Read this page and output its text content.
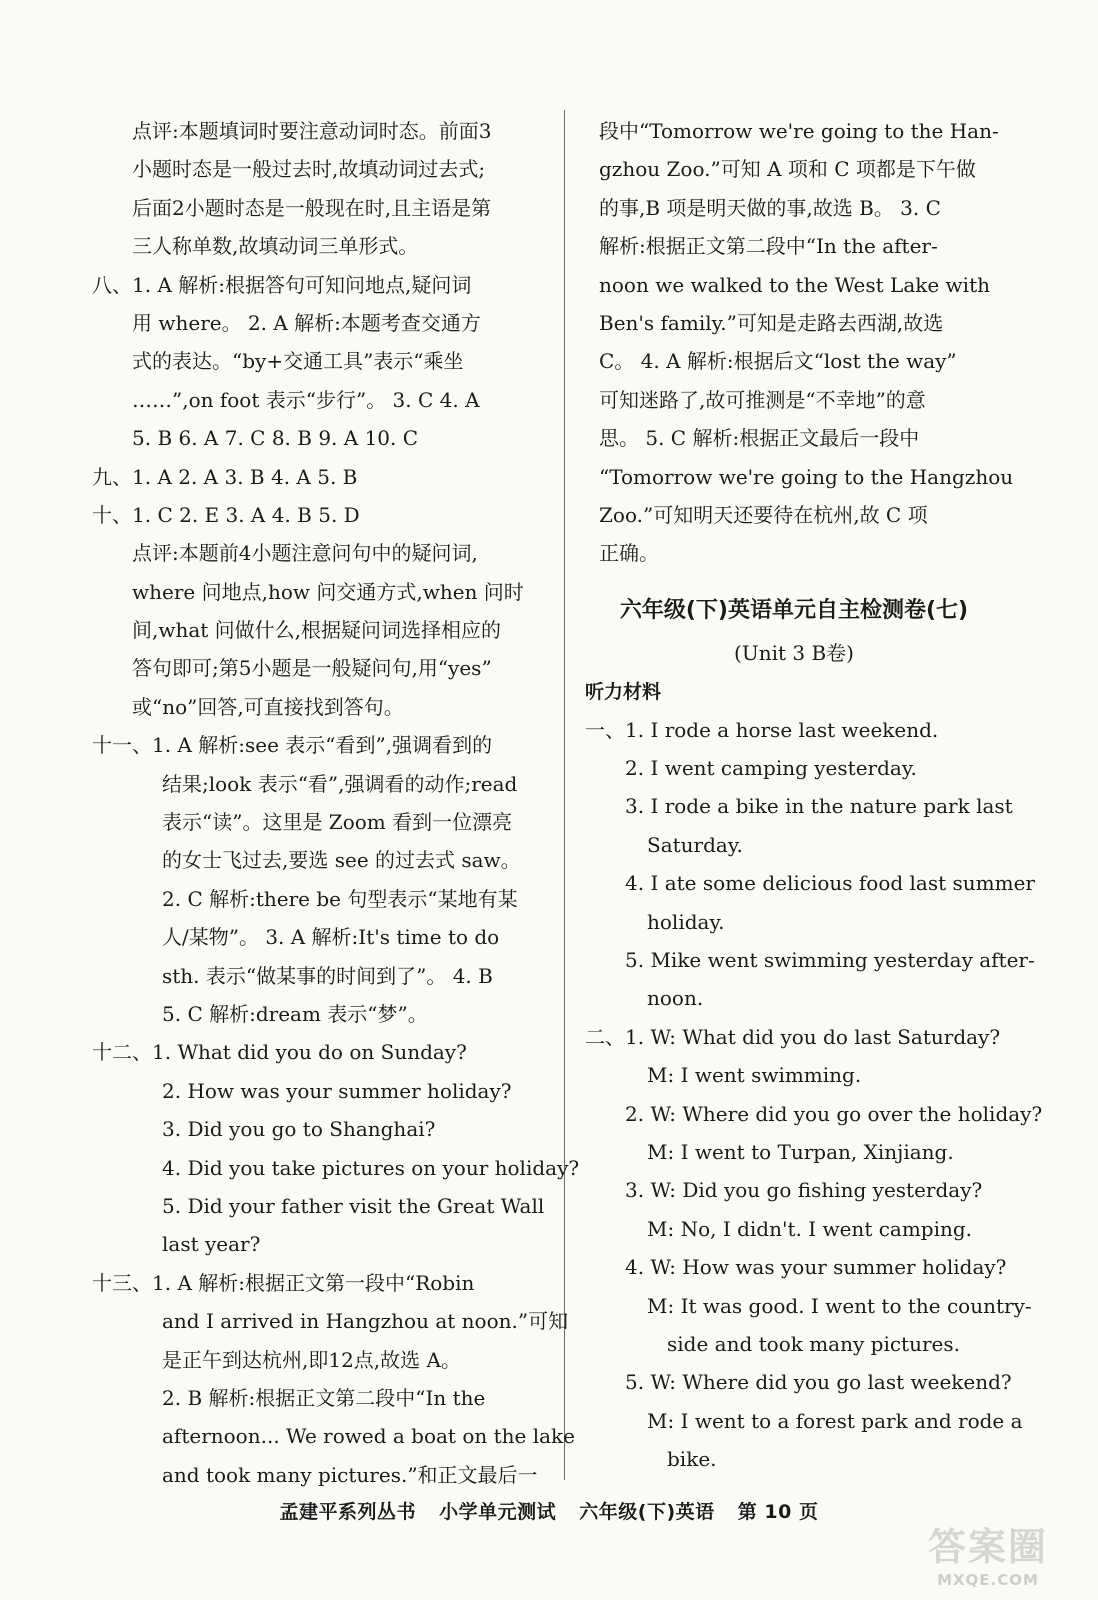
点评:本题填词时要注意动词时态。前面3
小题时态是一般过去时,故填动词过去式;
后面2小题时态是一般现在时,且主语是第
三人称单数,故填动词三单形式。
八、1. A 解析:根据答句可知问地点,疑问词
用 where。 2. A 解析:本题考查交通方
式的表达。“by+交通工具”表示“乘坐
……”,on foot 表示“步行”。 3. C 4. A
5. B 6. A 7. C 8. B 9. A 10. C
九、1. A 2. A 3. B 4. A 5. B
十、1. C 2. E 3. A 4. B 5. D
点评:本题前4小题注意问句中的疑问词,
where 问地点,how 问交通方式,when 问时
间,what 问做什么,根据疑问词选择相应的
答句即可;第5小题是一般疑问句,用“yes”
或“no”回答,可直接找到答句。
十一、1. A 解析:see 表示“看到”,强调看到的
结果;look 表示“看”,强调看的动作;read
表示“读”。这里是 Zoom 看到一位漂亮
的女士飞过去,要选 see 的过去式 saw。
2. C 解析:there be 句型表示“某地有某
人/某物”。 3. A 解析:It's time to do
sth. 表示“做某事的时间到了”。 4. B
5. C 解析:dream 表示“梦”。
十二、1. What did you do on Sunday?
2. How was your summer holiday?
3. Did you go to Shanghai?
4. Did you take pictures on your holiday?
5. Did your father visit the Great Wall
last year?
十三、1. A 解析:根据正文第一段中“Robin
and I arrived in Hangzhou at noon.”可知
是正午到达杭州,即12点,故选 A。
2. B 解析:根据正文第二段中“In the
afternoon... We rowed a boat on the lake
and took many pictures.”和正文最后一
段中“Tomorrow we're going to the Han-
gzhou Zoo.”可知 A 项和 C 项都是下午做
的事,B 项是明天做的事,故选 B。 3. C
解析:根据正文第二段中“In the after-
noon we walked to the West Lake with
Ben's family.”可知是走路去西湖,故选
C。 4. A 解析:根据后文“lost the way”
可知迷路了,故可推测是“不幸地”的意
思。 5. C 解析:根据正文最后一段中
“Tomorrow we're going to the Hangzhou
Zoo.”可知明天还要待在杭州,故 C 项
正确。
六年级(下)英语单元自主检测卷(七)
(Unit 3 B卷)
听力材料
一、1. I rode a horse last weekend.
2. I went camping yesterday.
3. I rode a bike in the nature park last
Saturday.
4. I ate some delicious food last summer
holiday.
5. Mike went swimming yesterday after-
noon.
二、1. W: What did you do last Saturday?
M: I went swimming.
2. W: Where did you go over the holiday?
M: I went to Turpan, Xinjiang.
3. W: Did you go fishing yesterday?
M: No, I didn't. I went camping.
4. W: How was your summer holiday?
M: It was good. I went to the country-
side and took many pictures.
5. W: Where did you go last weekend?
M: I went to a forest park and rode a
bike.
孟建平系列丛书 小学单元测试 六年级(下)英语 第 10 页
答案圈
MXQE.COM
